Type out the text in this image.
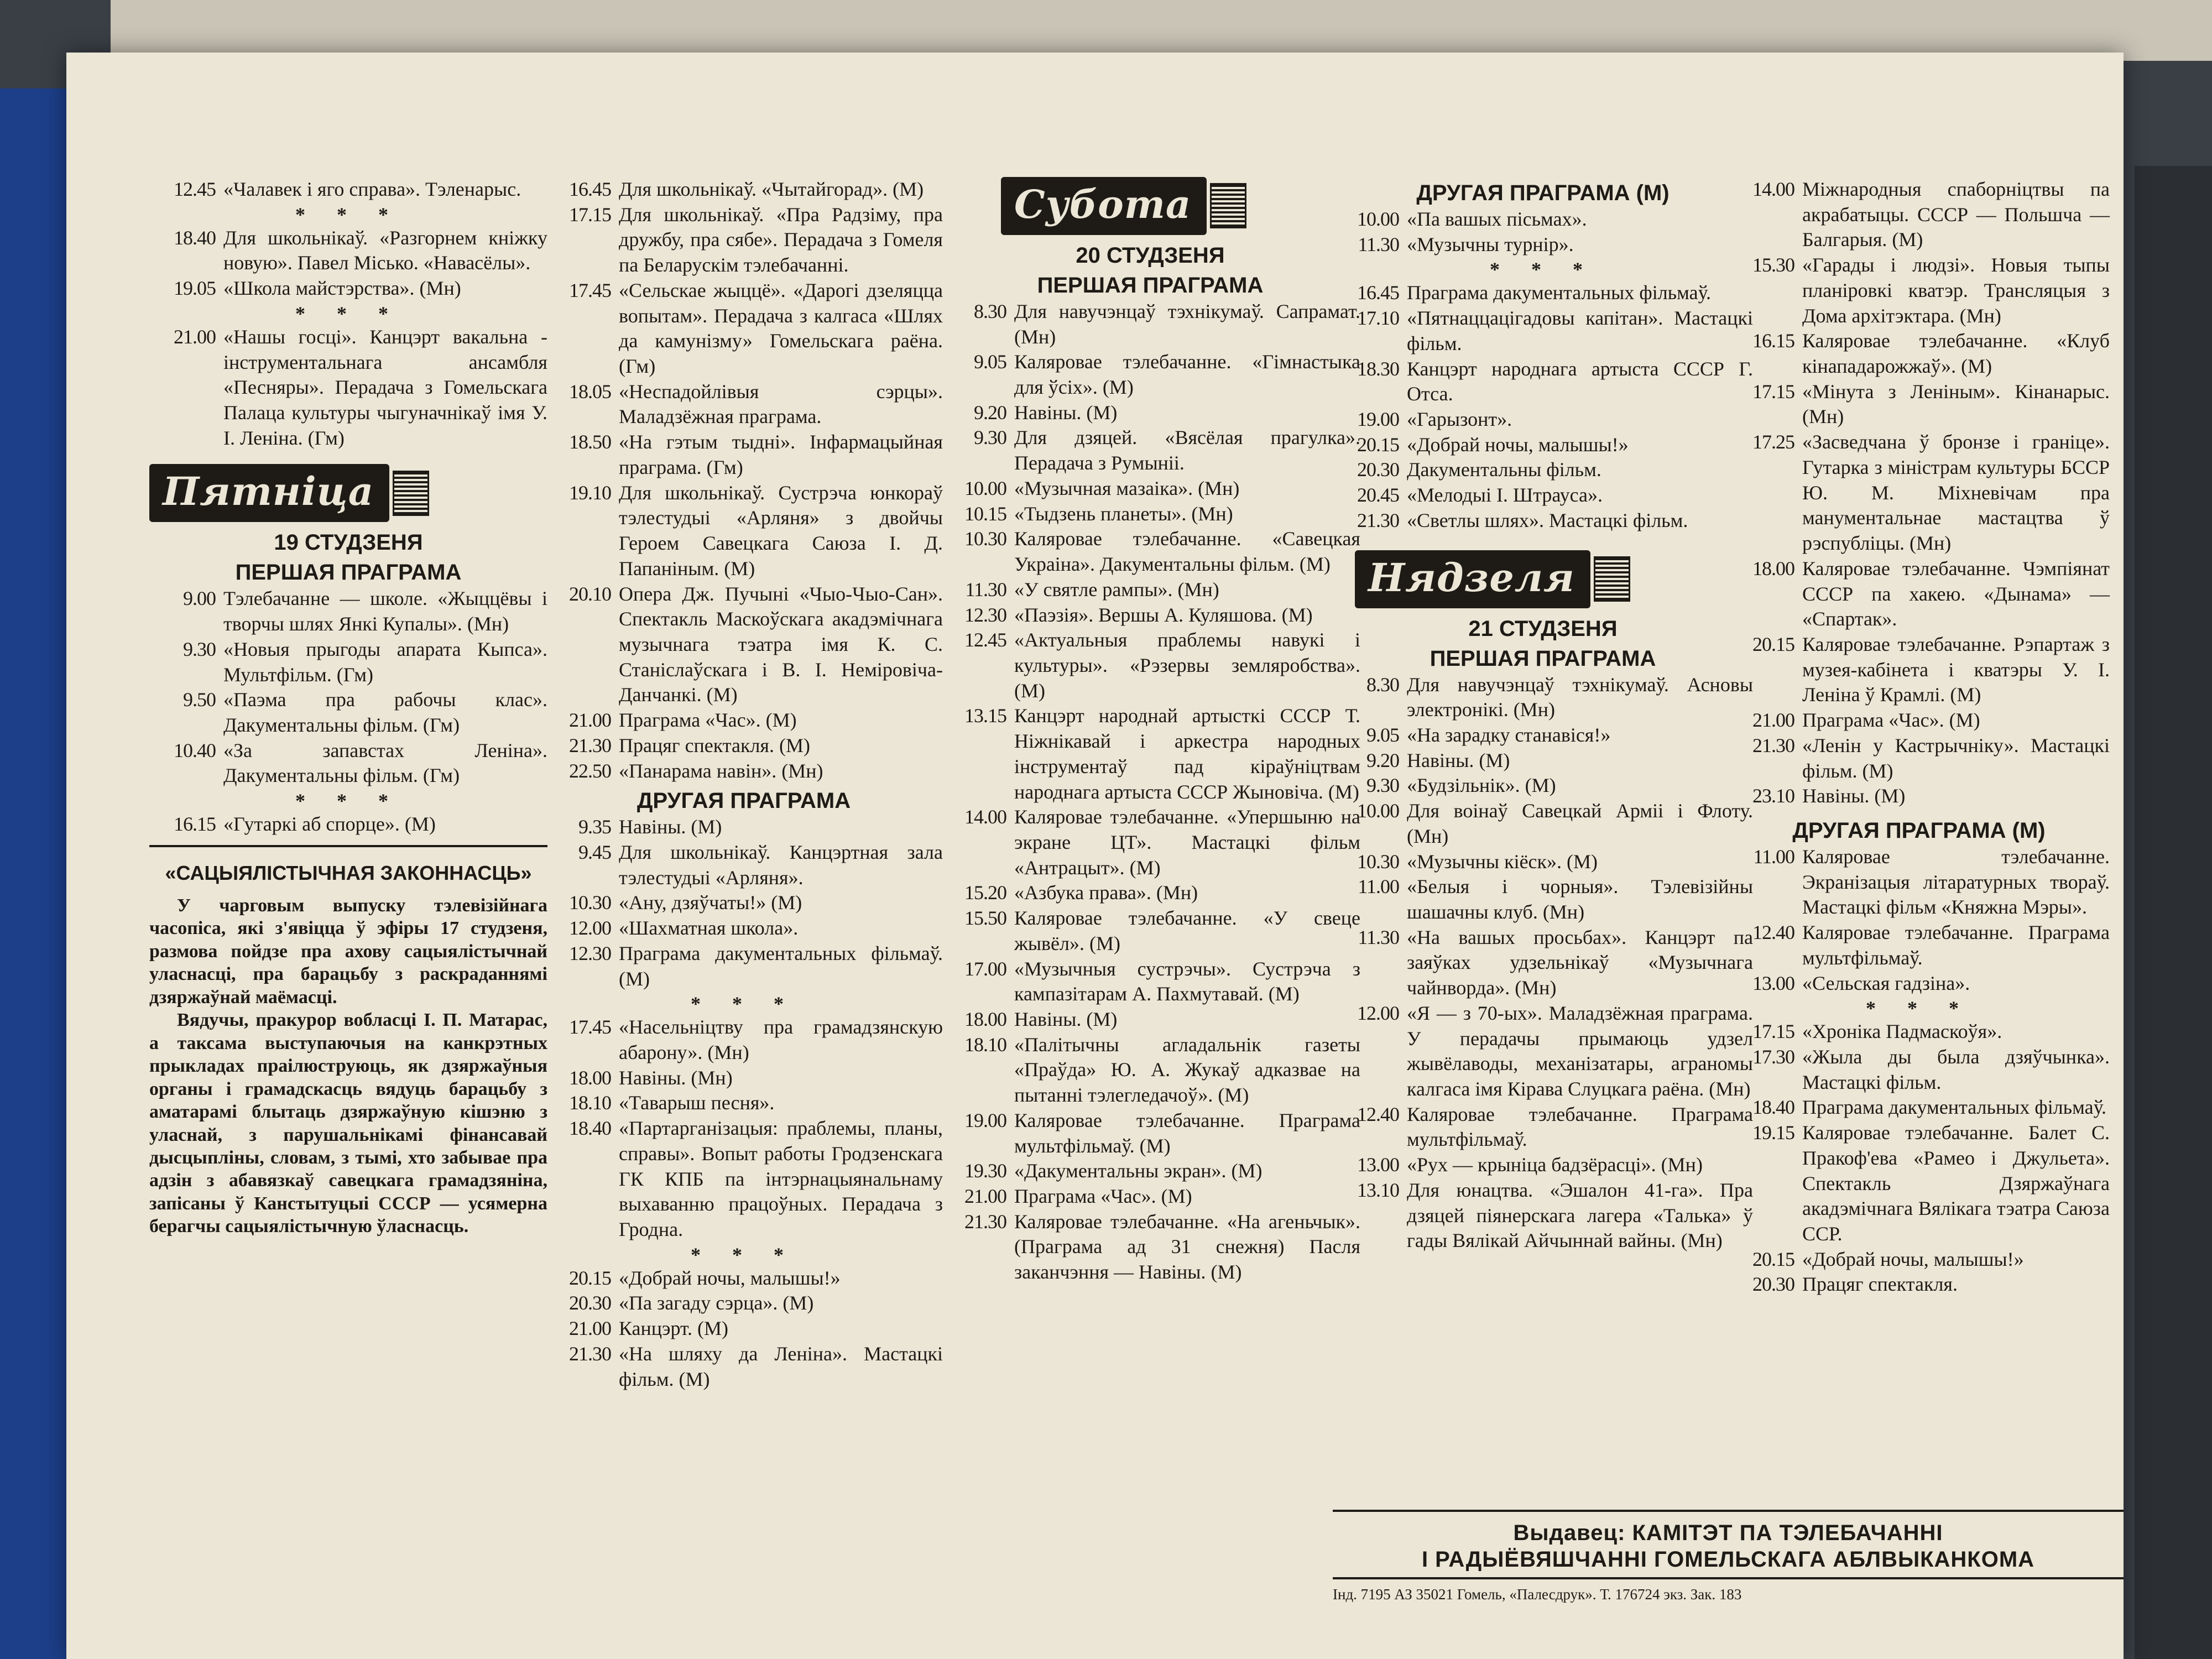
12.45 «Чалавек і яго справа». Тэленарыс.
* * *
18.40 Для школьнікаў. «Разгорнем кніжку новую». Павел Місько. «Навасёлы».
19.05 «Школа майстэрства». (Мн)
* * *
21.00 «Нашы госці». Канцэрт вакальна - інструментальнага ансамбля «Песняры». Перадача з Гомельскага Палаца культуры чыгуначнікаў імя У. І. Леніна. (Гм)
Пятніца
19 СТУДЗЕНЯ
ПЕРШАЯ ПРАГРАМА
9.00 Тэлебачанне — школе. «Жыццёвы і творчы шлях Янкі Купалы». (Мн)
9.30 «Новыя прыгоды апарата Кыпса». Мультфільм. (Гм)
9.50 «Паэма пра рабочы клас». Дакументальны фільм. (Гм)
10.40 «За запавстах Леніна». Дакументальны фільм. (Гм)
* * *
16.15 «Гутаркі аб спорце». (М)
«САЦЫЯЛІСТЫЧНАЯ ЗАКОННАСЦЬ»

У чарговым выпуску тэлевізійнага часопіса, які з'явіцца ў эфіры 17 студзеня, размова пойдзе пра ахову сацыялістычнай уласнасці, пра барацьбу з раскраданнямі дзяржаўнай маёмасці.

Вядучы, пракурор вобласці І. П. Матарас, а таксама выступаючыя на канкрэтных прыкладах праілюструюць, як дзяржаўныя органы і грамадскасць вядуць барацьбу з аматарамі блытаць дзяржаўную кішэню з уласнай, з парушальнікамі фінансавай дысцыпліны, словам, з тымі, хто забывае пра адзін з абавязкаў савецкага грамадзяніна, запісаны ў Канстытуцыі СССР — усямерна берагчы сацыялістычную ўласнасць.

16.45 Для школьнікаў. «Чытайгорад». (М)
17.15 Для школьнікаў. «Пра Радзіму, пра дружбу, пра сябе». Перадача з Гомеля па Беларускім тэлебачанні.
17.45 «Сельскае жыццё». «Дарогі дзеляцца вопытам». Перадача з калгаса «Шлях да камунізму» Гомельскага раёна. (Гм)
18.05 «Неспадойлівыя сэрцы». Маладзёжная праграма.
18.50 «На гэтым тыдні». Інфармацыйная праграма. (Гм)
19.10 Для школьнікаў. Сустрэча юнкораў тэлестудыі «Арляня» з двойчы Героем Савецкага Саюза І. Д. Папаніным. (М)
20.10 Опера Дж. Пучыні «Чыо-Чыо-Сан». Спектакль Маскоўскага акадэмічнага музычнага тэатра імя К. С. Станіслаўскага і В. І. Неміровіча-Данчанкі. (М)
21.00 Праграма «Час». (М)
21.30 Працяг спектакля. (М)
22.50 «Панарама навін». (Мн)
ДРУГАЯ ПРАГРАМА
9.35 Навіны. (М)
9.45 Для школьнікаў. Канцэртная зала тэлестудыі «Арляня».
10.30 «Ану, дзяўчаты!» (М)
12.00 «Шахматная школа».
12.30 Праграма дакументальных фільмаў. (М)
* * *
17.45 «Насельніцтву пра грамадзянскую абарону». (Мн)
18.00 Навіны. (Мн)
18.10 «Таварыш песня».
18.40 «Партарганізацыя: праблемы, планы, справы». Вопыт работы Гродзенскага ГК КПБ па інтэрнацыянальнаму выхаванню працоўных. Перадача з Гродна.
* * *
20.15 «Добрай ночы, малышы!»
20.30 «Па загаду сэрца». (М)
21.00 Канцэрт. (М)
21.30 «На шляху да Леніна». Мастацкі фільм. (М)
Субота
20 СТУДЗЕНЯ
ПЕРШАЯ ПРАГРАМА
8.30 Для навучэнцаў тэхнікумаў. Сапрамат. (Мн)
9.05 Каляровае тэлебачанне. «Гімнастыка для ўсіх». (М)
9.20 Навіны. (М)
9.30 Для дзяцей. «Вясёлая прагулка». Перадача з Румыніі.
10.00 «Музычная мазаіка». (Мн)
10.15 «Тыдзень планеты». (Мн)
10.30 Каляровае тэлебачанне. «Савецкая Украіна». Дакументальны фільм. (М)
11.30 «У святле рампы». (Мн)
12.30 «Паэзія». Вершы А. Куляшова. (М)
12.45 «Актуальныя праблемы навукі і культуры». «Рэзервы земляробства». (М)
13.15 Канцэрт народнай артысткі СССР Т. Ніжнікавай і аркестра народных інструментаў пад кіраўніцтвам народнага артыста СССР Жыновіча. (М)
14.00 Каляровае тэлебачанне. «Упершыню на экране ЦТ». Мастацкі фільм «Антрацыт». (М)
15.20 «Азбука права». (Мн)
15.50 Каляровае тэлебачанне. «У свеце жывёл». (М)
17.00 «Музычныя сустрэчы». Сустрэча з кампазітарам А. Пахмутавай. (М)
18.00 Навіны. (М)
18.10 «Палітычны агладальнік газеты «Праўда» Ю. А. Жукаў адказвае на пытанні тэлегледачоў». (М)
19.00 Каляровае тэлебачанне. Праграма мультфільмаў. (М)
19.30 «Дакументальны экран». (М)
21.00 Праграма «Час». (М)
21.30 Каляровае тэлебачанне. «На агеньчык». (Праграма ад 31 снежня) Пасля заканчэння — Навіны. (М)
ДРУГАЯ ПРАГРАМА (М)
10.00 «Па вашых пісьмах».
11.30 «Музычны турнір».
* * *
16.45 Праграма дакументальных фільмаў.
17.10 «Пятнаццацігадовы капітан». Мастацкі фільм.
18.30 Канцэрт народнага артыста СССР Г. Отса.
19.00 «Гарызонт».
20.15 «Добрай ночы, малышы!»
20.30 Дакументальны фільм.
20.45 «Мелодыі І. Штрауса».
21.30 «Светлы шлях». Мастацкі фільм.
Нядзеля
21 СТУДЗЕНЯ
ПЕРШАЯ ПРАГРАМА
8.30 Для навучэнцаў тэхнікумаў. Асновы электронікі. (Мн)
9.05 «На зарадку станавіся!»
9.20 Навіны. (М)
9.30 «Будзільнік». (М)
10.00 Для воінаў Савецкай Арміі і Флоту. (Мн)
10.30 «Музычны кіёск». (М)
11.00 «Белыя і чорныя». Тэлевізійны шашачны клуб. (Мн)
11.30 «На вашых просьбах». Канцэрт па заяўках удзельнікаў «Музычнага чайнворда». (Мн)
12.00 «Я — з 70-ых». Маладзёжная праграма. У перадачы прымаюць удзел жывёлаводы, механізатары, аграномы калгаса імя Кірава Слуцкага раёна. (Мн)
12.40 Каляровае тэлебачанне. Праграма мультфільмаў.
13.00 «Рух — крыніца бадзёрасці». (Мн)
13.10 Для юнацтва. «Эшалон 41-га». Пра дзяцей піянерскага лагера «Талька» ў гады Вялікай Айчыннай вайны. (Мн)
14.00 Міжнародныя спаборніцтвы па акрабатыцы. СССР — Польшча — Балгарыя. (М)
15.30 «Гарады і людзі». Новыя тыпы планіровкі кватэр. Трансляцыя з Дома архітэктара. (Мн)
16.15 Каляровае тэлебачанне. «Клуб кінападарожжаў». (М)
17.15 «Мінута з Леніным». Кінанарыс. (Мн)
17.25 «Засведчана ў бронзе і граніце». Гутарка з міністрам культуры БССР Ю. М. Міхневічам пра манументальнае мастацтва ў рэспубліцы. (Мн)
18.00 Каляровае тэлебачанне. Чэмпіянат СССР па хакею. «Дынама» — «Спартак».
20.15 Каляровае тэлебачанне. Рэпартаж з музея-кабінета і кватэры У. І. Леніна ў Крамлі. (М)
21.00 Праграма «Час». (М)
21.30 «Ленін у Кастрычніку». Мастацкі фільм. (М)
23.10 Навіны. (М)
ДРУГАЯ ПРАГРАМА (М)
11.00 Каляровае тэлебачанне. Экранізацыя літаратурных твораў. Мастацкі фільм «Княжна Мэры».
12.40 Каляровае тэлебачанне. Праграма мультфільмаў.
13.00 «Сельская гадзіна».
* * *
17.15 «Хроніка Падмаскоўя».
17.30 «Жыла ды была дзяўчынка». Мастацкі фільм.
18.40 Праграма дакументальных фільмаў.
19.15 Каляровае тэлебачанне. Балет С. Пракоф'ева «Рамео і Джульета». Спектакль Дзяржаўнага акадэмічнага Вялікага тэатра Саюза ССР.
20.15 «Добрай ночы, малышы!»
20.30 Працяг спектакля.
Выдавец: КАМІТЭТ ПА ТЭЛЕБАЧАННІ
І РАДЫЁВЯШЧАННІ ГОМЕЛЬСКАГА АБЛВЫКАНКОМА
Інд. 7195 АЗ 35021 Гомель, «Палесдрук». Т. 176724 экз. Зак. 183
